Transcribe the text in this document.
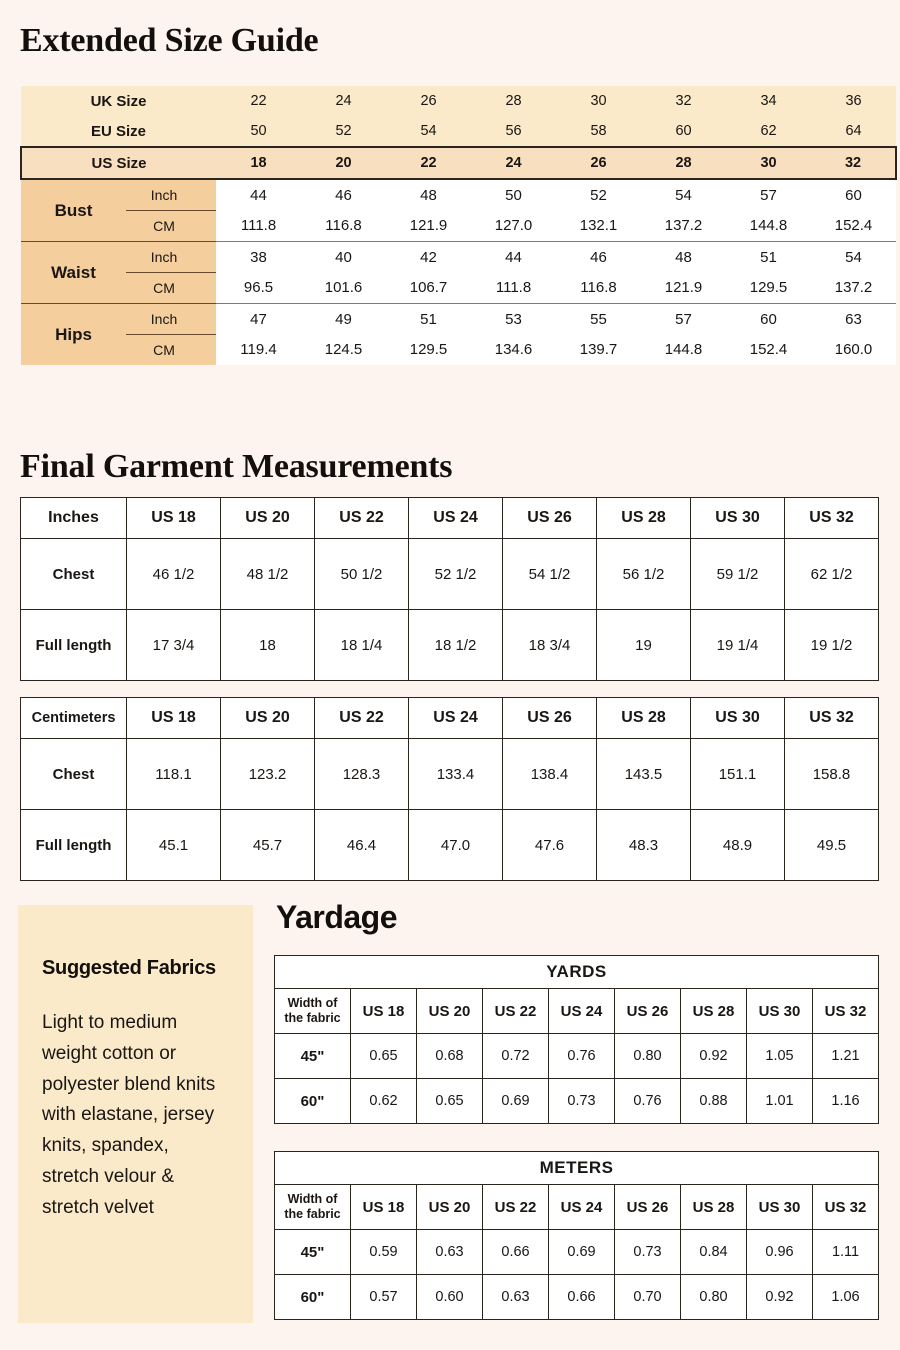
Extended Size Guide
UK Size		22	24	26	28	30	32	34	36
EU Size		50	52	54	56	58	60	62	64
US Size		18	20	22	24	26	28	30	32
Bust	Inch	44	46	48	50	52	54	57	60
	CM	111.8	116.8	121.9	127.0	132.1	137.2	144.8	152.4
Waist	Inch	38	40	42	44	46	48	51	54
	CM	96.5	101.6	106.7	111.8	116.8	121.9	129.5	137.2
Hips	Inch	47	49	51	53	55	57	60	63
	CM	119.4	124.5	129.5	134.6	139.7	144.8	152.4	160.0
Final Garment Measurements
Inches	US 18	US 20	US 22	US 24	US 26	US 28	US 30	US 32
Chest	46 1/2	48 1/2	50 1/2	52 1/2	54 1/2	56 1/2	59 1/2	62 1/2
Full length	17 3/4	18	18 1/4	18 1/2	18 3/4	19	19 1/4	19 1/2
Centimeters	US 18	US 20	US 22	US 24	US 26	US 28	US 30	US 32
Chest	118.1	123.2	128.3	133.4	138.4	143.5	151.1	158.8
Full length	45.1	45.7	46.4	47.0	47.6	48.3	48.9	49.5
Suggested Fabrics
Light to medium weight cotton or polyester blend knits with elastane, jersey knits, spandex, stretch velour & stretch velvet
Yardage
YARDS								
Width of
the fabric	US 18	US 20	US 22	US 24	US 26	US 28	US 30	US 32
45"	0.65	0.68	0.72	0.76	0.80	0.92	1.05	1.21
60"	0.62	0.65	0.69	0.73	0.76	0.88	1.01	1.16
METERS								
Width of
the fabric	US 18	US 20	US 22	US 24	US 26	US 28	US 30	US 32
45"	0.59	0.63	0.66	0.69	0.73	0.84	0.96	1.11
60"	0.57	0.60	0.63	0.66	0.70	0.80	0.92	1.06
